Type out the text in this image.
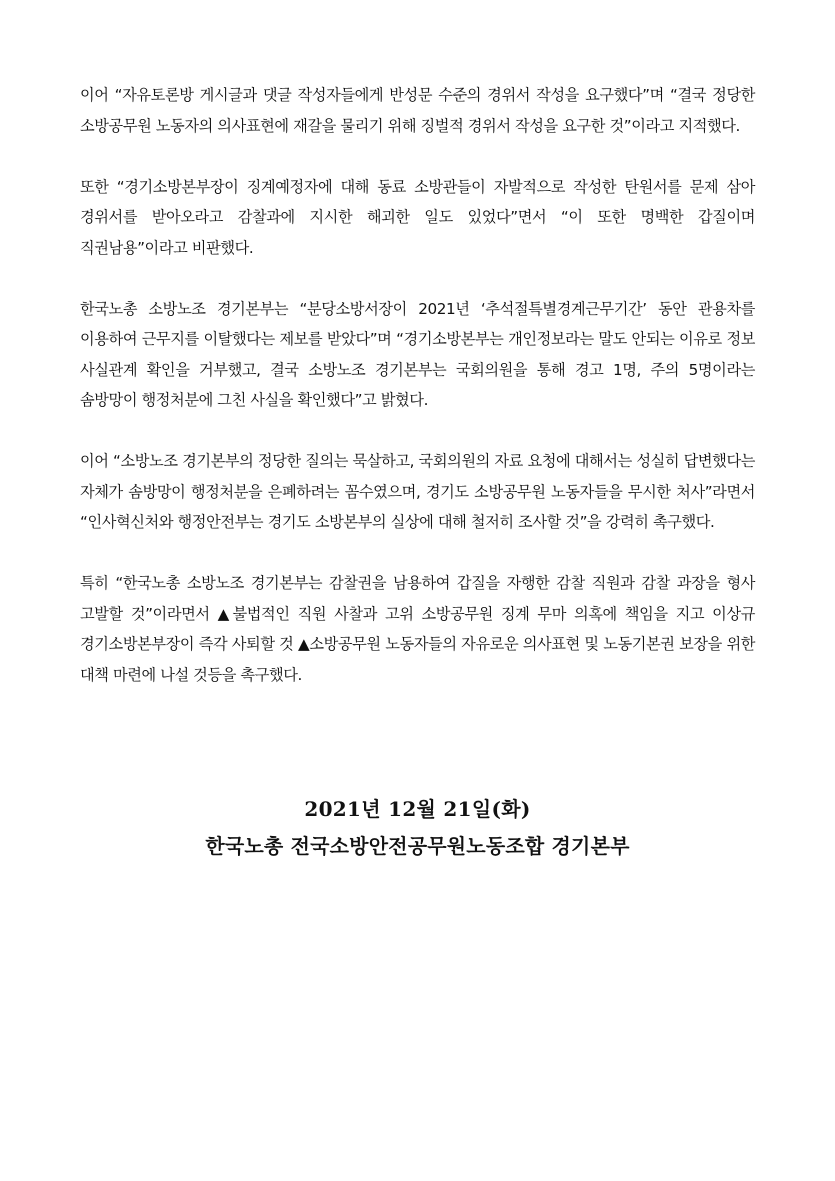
이어 “자유토론방 게시글과 댓글 작성자들에게 반성문 수준의 경위서 작성을 요구했다”며 “결국 정당한 소방공무원 노동자의 의사표현에 재갈을 물리기 위해 징벌적 경위서 작성을 요구한 것”이라고 지적했다.

또한 “경기소방본부장이 징계예정자에 대해 동료 소방관들이 자발적으로 작성한 탄원서를 문제 삼아 경위서를 받아오라고 감찰과에 지시한 해괴한 일도 있었다”면서 “이 또한 명백한 갑질이며 직권남용”이라고 비판했다.

한국노총 소방노조 경기본부는 “분당소방서장이 2021년 ‘추석절특별경계근무기간’ 동안 관용차를 이용하여 근무지를 이탈했다는 제보를 받았다”며 “경기소방본부는 개인정보라는 말도 안되는 이유로 정보 사실관계 확인을 거부했고, 결국 소방노조 경기본부는 국회의원을 통해 경고 1명, 주의 5명이라는 솜방망이 행정처분에 그친 사실을 확인했다”고 밝혔다.

이어 “소방노조 경기본부의 정당한 질의는 묵살하고, 국회의원의 자료 요청에 대해서는 성실히 답변했다는 자체가 솜방망이 행정처분을 은폐하려는 꼼수였으며, 경기도 소방공무원 노동자들을 무시한 처사”라면서 “인사혁신처와 행정안전부는 경기도 소방본부의 실상에 대해 철저히 조사할 것”을 강력히 촉구했다.

특히 “한국노총 소방노조 경기본부는 감찰권을 남용하여 갑질을 자행한 감찰 직원과 감찰 과장을 형사 고발할 것”이라면서 ▲불법적인 직원 사찰과 고위 소방공무원 징계 무마 의혹에 책임을 지고 이상규 경기소방본부장이 즉각 사퇴할 것 ▲소방공무원 노동자들의 자유로운 의사표현 및 노동기본권 보장을 위한 대책 마련에 나설 것등을 촉구했다.

2021년 12월 21일(화)
한국노총 전국소방안전공무원노동조합 경기본부
